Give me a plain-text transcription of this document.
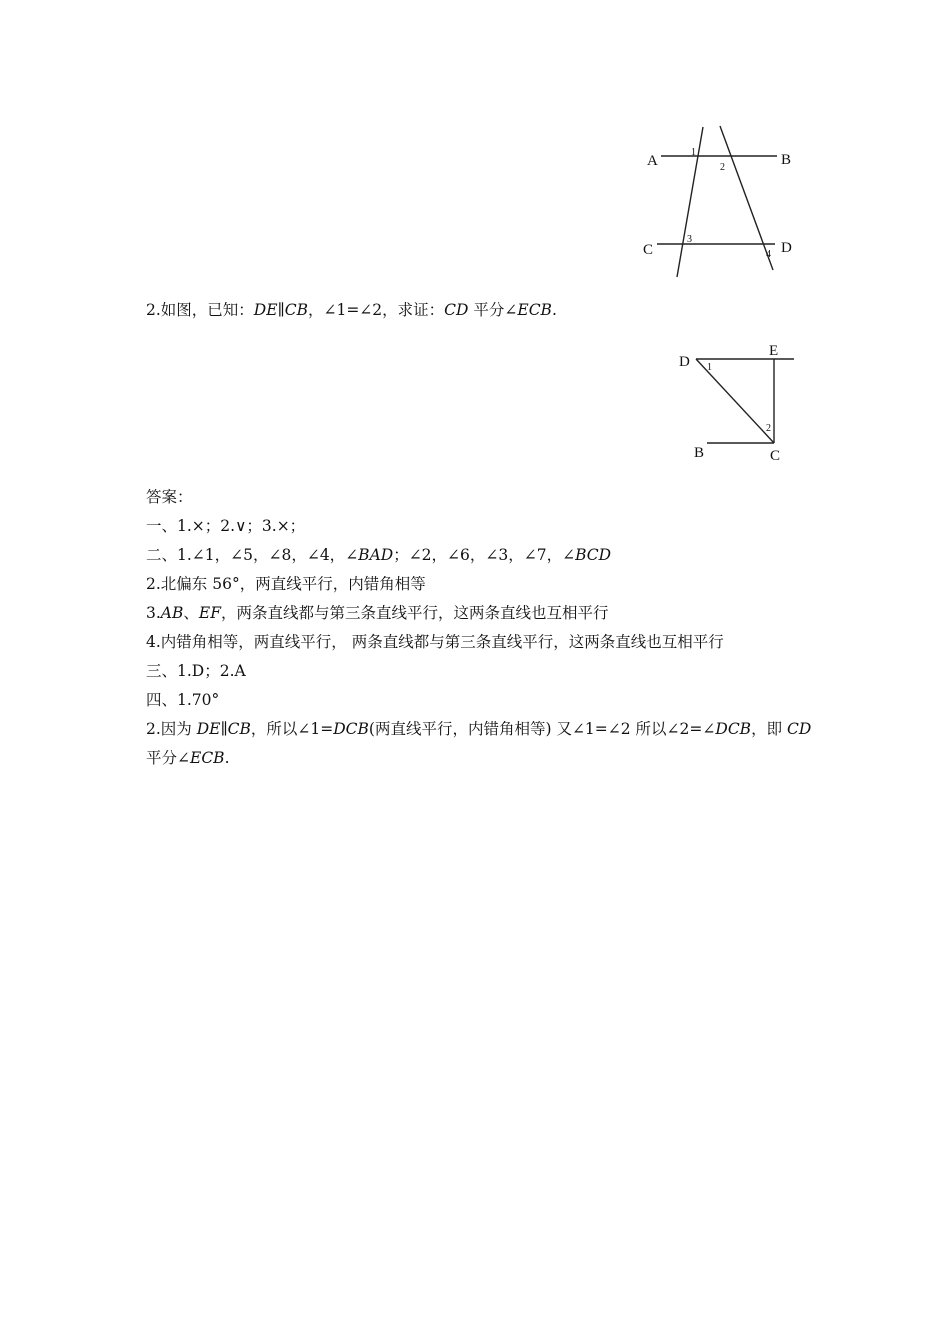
A	B
C	D
1
2
3
4
2.如图，已知：DE∥CB，∠1=∠2，求证：CD 平分∠ECB.
D
E
B	C
1
2
答案：
一、1.×；2.∨；3.×；
二、1.∠1，∠5，∠8，∠4，∠BAD；∠2，∠6，∠3，∠7，∠BCD
2.北偏东 56°，两直线平行，内错角相等
3.AB、EF，两条直线都与第三条直线平行，这两条直线也互相平行
4.内错角相等，两直线平行， 两条直线都与第三条直线平行，这两条直线也互相平行
三、1.D；2.A
四、1.70°
2.因为 DE∥CB，所以∠1=DCB(两直线平行，内错角相等) 又∠1=∠2 所以∠2=∠DCB，即 CD
平分∠ECB.
